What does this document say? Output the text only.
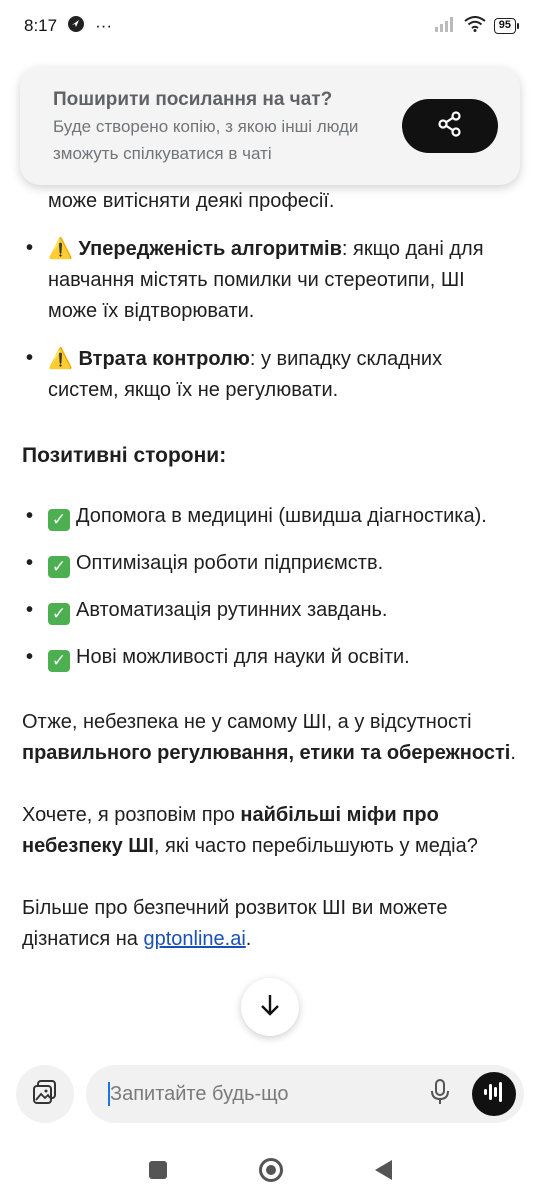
8:17 ···	95

може витісняти деякі професії.

• ⚠️ Упередженість алгоритмів: якщо дані для навчання містять помилки чи стереотипи, ШІ може їх відтворювати.
• ⚠️ Втрата контролю: у випадку складних систем, якщо їх не регулювати.

Позитивні сторони:

• ✓ Допомога в медицині (швидша діагностика).
• ✓ Оптимізація роботи підприємств.
• ✓ Автоматизація рутинних завдань.
• ✓ Нові можливості для науки й освіти.

Отже, небезпека не у самому ШІ, а у відсутності правильного регулювання, етики та обережності.

Хочете, я розповім про найбільші міфи про небезпеку ШІ, які часто перебільшують у медіа?

Більше про безпечний розвиток ШІ ви можете дізнатися на gptonline.ai.

Поширити посилання на чат?
Буде створено копію, з якою інші люди зможуть спілкуватися в чаті
Запитайте будь-що
